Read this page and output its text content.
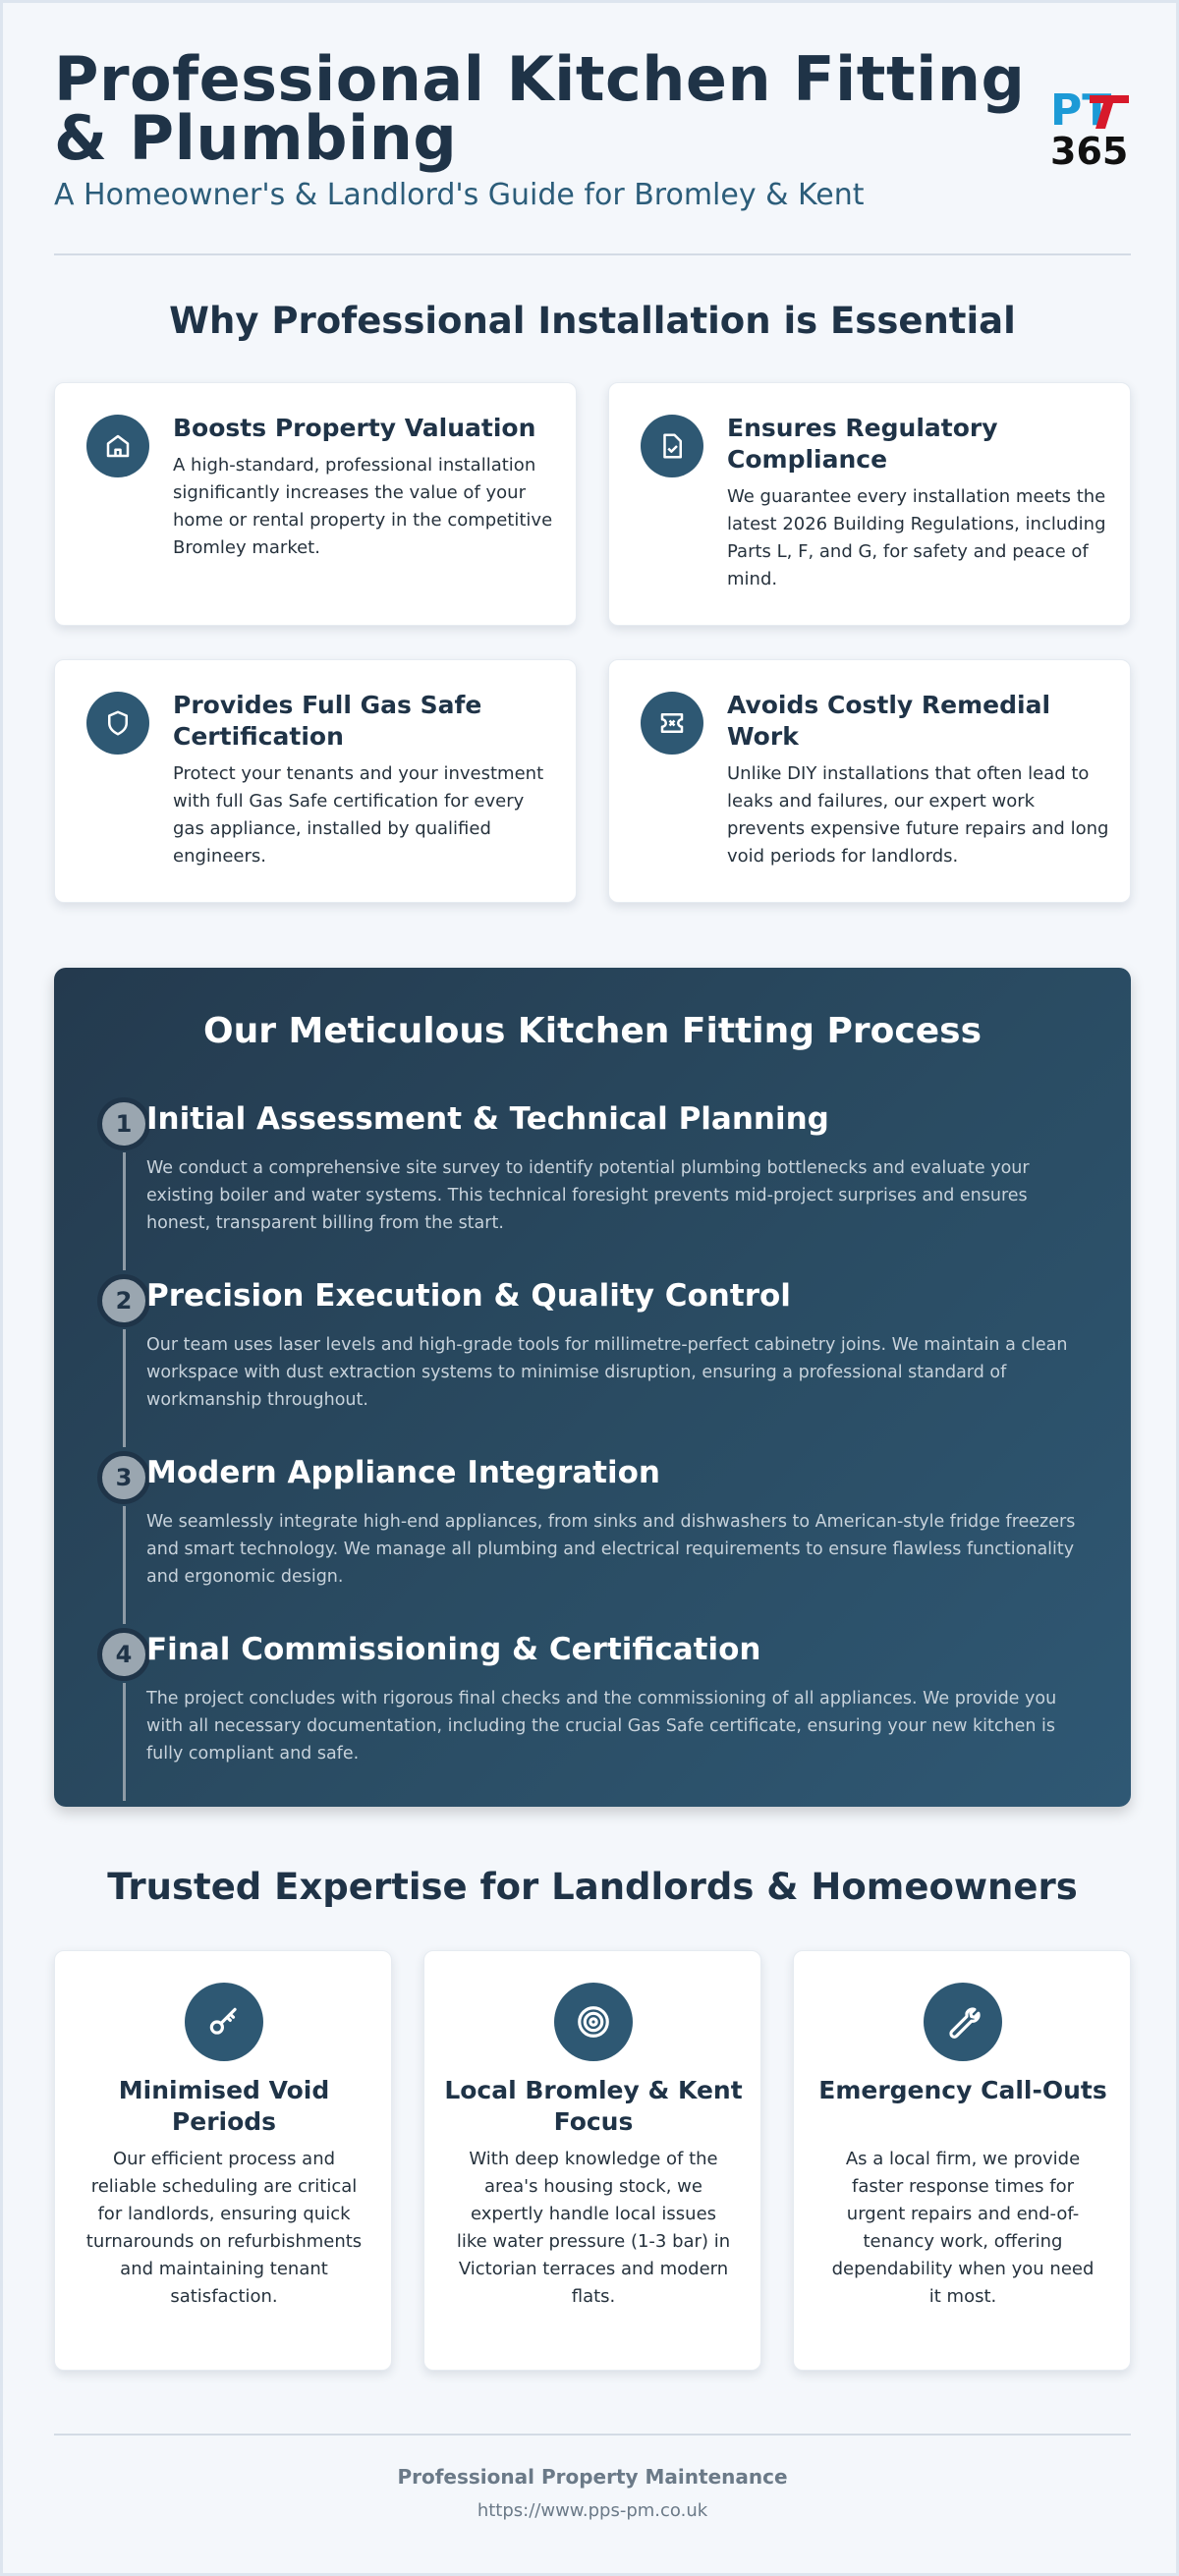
Professional Kitchen Fitting & Plumbing
A Homeowner's & Landlord's Guide for Bromley & Kent
PT
365
Why Professional Installation is Essential
Boosts Property Valuation
A high-standard, professional installation significantly increases the value of your home or rental property in the competitive Bromley market.
Ensures Regulatory Compliance
We guarantee every installation meets the latest 2026 Building Regulations, including Parts L, F, and G, for safety and peace of mind.
Provides Full Gas Safe Certification
Protect your tenants and your investment with full Gas Safe certification for every gas appliance, installed by qualified engineers.
Avoids Costly Remedial Work
Unlike DIY installations that often lead to leaks and failures, our expert work prevents expensive future repairs and long void periods for landlords.
Our Meticulous Kitchen Fitting Process
1 Initial Assessment & Technical Planning
We conduct a comprehensive site survey to identify potential plumbing bottlenecks and evaluate your existing boiler and water systems. This technical foresight prevents mid-project surprises and ensures honest, transparent billing from the start.
2 Precision Execution & Quality Control
Our team uses laser levels and high-grade tools for millimetre-perfect cabinetry joins. We maintain a clean workspace with dust extraction systems to minimise disruption, ensuring a professional standard of workmanship throughout.
3 Modern Appliance Integration
We seamlessly integrate high-end appliances, from sinks and dishwashers to American-style fridge freezers and smart technology. We manage all plumbing and electrical requirements to ensure flawless functionality and ergonomic design.
4 Final Commissioning & Certification
The project concludes with rigorous final checks and the commissioning of all appliances. We provide you with all necessary documentation, including the crucial Gas Safe certificate, ensuring your new kitchen is fully compliant and safe.
Trusted Expertise for Landlords & Homeowners
Minimised Void Periods
Our efficient process and reliable scheduling are critical for landlords, ensuring quick turnarounds on refurbishments and maintaining tenant satisfaction.
Local Bromley & Kent Focus
With deep knowledge of the area's housing stock, we expertly handle local issues like water pressure (1-3 bar) in Victorian terraces and modern flats.
Emergency Call-Outs
As a local firm, we provide faster response times for urgent repairs and end-of-tenancy work, offering dependability when you need it most.
Professional Property Maintenance
https://www.pps-pm.co.uk
